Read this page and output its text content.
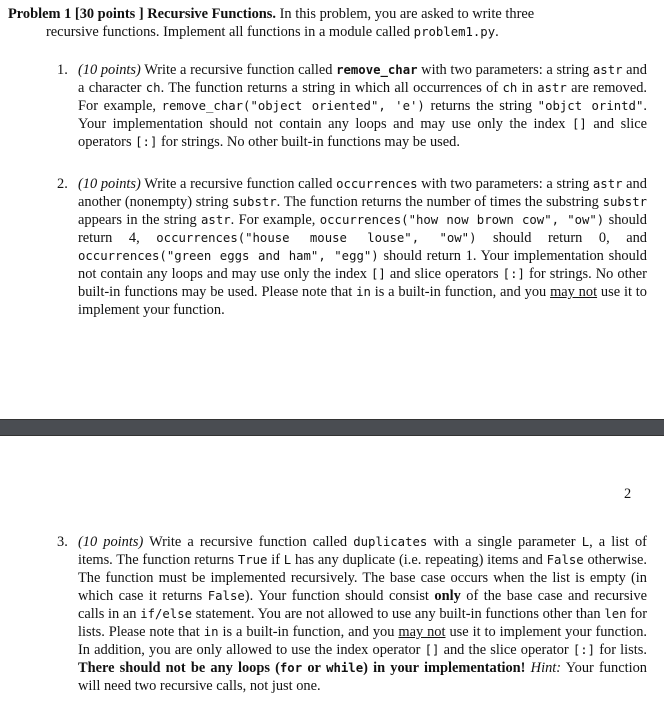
Problem 1 [30 points ] Recursive Functions. In this problem, you are asked to write three
recursive functions. Implement all functions in a module called problem1.py.
1. (10 points) Write a recursive function called remove_char with two parameters: a string astr and a character ch. The function returns a string in which all occurrences of ch in astr are removed. For example, remove_char("object oriented", 'e') returns the string "objct orintd". Your implementation should not contain any loops and may use only the index [] and slice operators [:] for strings. No other built-in functions may be used.
2. (10 points) Write a recursive function called occurrences with two parameters: a string astr and another (nonempty) string substr. The function returns the number of times the substring substr appears in the string astr. For example, occurrences("how now brown cow", "ow") should return 4, occurrences("house mouse louse", "ow") should return 0, and occurrences("green eggs and ham", "egg") should return 1. Your implementation should not contain any loops and may use only the index [] and slice operators [:] for strings. No other built-in functions may be used. Please note that in is a built-in function, and you may not use it to implement your function.
2
3. (10 points) Write a recursive function called duplicates with a single parameter L, a list of items. The function returns True if L has any duplicate (i.e. repeating) items and False otherwise. The function must be implemented recursively. The base case occurs when the list is empty (in which case it returns False). Your function should consist only of the base case and recursive calls in an if/else statement. You are not allowed to use any built-in functions other than len for lists. Please note that in is a built-in function, and you may not use it to implement your function. In addition, you are only allowed to use the index operator [] and the slice operator [:] for lists. There should not be any loops (for or while) in your implementation! Hint: Your function will need two recursive calls, not just one.
